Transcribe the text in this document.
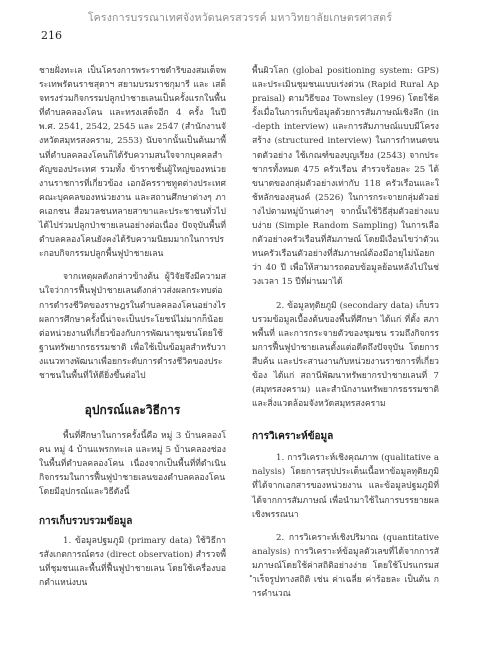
โครงการบรรณาเทศจังหวัดนครสวรรค์ มหาวิทยาลัยเกษตรศาสตร์
216

ชายฝั่งทะเล เป็นโครงการพระราชดำริของสมเด็จพระเทพรัตนราชสุดาฯ สยามบรมราชกุมารี และ เสด็จทรงร่วมกิจกรรมปลูกป่าชายเลนเป็นครั้งแรกในพื้นที่ตำบลคลองโคน และทรงเสด็จอีก 4 ครั้ง ในปี พ.ศ. 2541, 2542, 2545 และ 2547 (สำนักงานจังหวัดสมุทรสงคราม, 2553) นับจากนั้นเป็นต้นมาพื้นที่ตำบลคลองโคนก็ได้รับความสนใจจากบุคคลสำคัญของประเทศ รวมทั้ง ข้าราชชั้นผู้ใหญ่ของหน่วยงานราชการที่เกี่ยวข้อง เอกอัครราชทูตต่างประเทศ คณะบุคคลของหน่วยงาน และสถานศึกษาต่างๆ ภาคเอกชน สื่อมวลชนหลายสาขาและประชาชนทั่วไป ได้ไปร่วมปลูกป่าชายเลนอย่างต่อเนื่อง ปัจจุบันพื้นที่ตำบลคลองโคนยังคงได้รับความนิยมมากในการประกอบกิจกรรมปลูกพื้นฟูป่าชายเลน

จากเหตุผลดังกล่าวข้างต้น ผู้วิจัยจึงมีความสนใจว่าการฟื้นฟูป่าชายเลนดังกล่าวส่งผลกระทบต่อการดำรงชีวิตของราษฎรในตำบลคลองโคนอย่างไร ผลการศึกษาครั้งนี้น่าจะเป็นประโยชน์ไม่มากก็น้อยต่อหน่วยงานที่เกี่ยวข้องกับการพัฒนาชุมชนโดยใช้ฐานทรัพยากรธรรมชาติ เพื่อใช้เป็นข้อมูลสำหรับวางแนวทางพัฒนาเพื่อยกระดับการดำรงชีวิตของประชาชนในพื้นที่ให้ดียิ่งขึ้นต่อไป

อุปกรณ์และวิธีการ

พื้นที่ศึกษาในการครั้งนี้คือ หมู่ 3 บ้านคลองโคน หมู่ 4 บ้านแพรกทะเล และหมู่ 5 บ้านคลองช่อง ในพื้นที่ตำบลคลองโคน เนื่องจากเป็นพื้นที่ที่ดำเนินกิจกรรมในการฟื้นฟูป่าชายเลนของตำบลคลองโคน โดยมีอุปกรณ์และวิธีดังนี้

การเก็บรวบรวมข้อมูล

1. ข้อมูลปฐมภูมิ (primary data) ใช้วิธีการสังเกตการณ์ตรง (direct observation) สำรวจพื้นที่ชุมชนและพื้นที่ฟื้นฟูป่าชายเลน โดยใช้เครื่องบอกตำแหน่งบน

พื้นผิวโลก (global positioning system: GPS) และประเมินชุมชนแบบเร่งด่วน (Rapid Rural Appraisal) ตามวิธีของ Townsley (1996) โดยใช้ครั้งเมื่อในการเก็บข้อมูลด้วยการสัมภาษณ์เชิงลึก (in-depth interview) และการสัมภาษณ์แบบมีโครงสร้าง (structured interview) ในการกำหนดขนาดตัวอย่าง ใช้เกณฑ์ของบุญเรียง (2543) จากประชากรทั้งหมด 475 ครัวเรือน สำรวจร้อยละ 25 ได้ขนาดของกลุ่มตัวอย่างเท่ากับ 118 ครัวเรือนและใช้หลักของสุนงค์ (2526) ในการกระจายกลุ่มตัวอย่างไปตามหมู่บ้านต่างๆ จากนั้นใช้วิธีสุ่มตัวอย่างแบบง่าย (Simple Random Sampling) ในการเลือกตัวอย่างครัวเรือนที่สัมภาษณ์ โดยมีเงื่อนไขว่าตัวแทนครัวเรือนตัวอย่างที่สัมภาษณ์ต้องมีอายุไม่น้อยกว่า 40 ปี เพื่อให้สามารถตอบข้อมูลย้อนหลังไปในช่วงเวลา 15 ปีที่ผ่านมาได้

2. ข้อมูลทุติยภูมิ (secondary data) เก็บรวบรวมข้อมูลเบื้องต้นของพื้นที่ศึกษา ได้แก่ ที่ตั้ง สภาพพื้นที่ และการกระจายตัวของชุมชน รวมถึงกิจกรรมการฟื้นฟูป่าชายเลนตั้งแต่อดีตถึงปัจจุบัน โดยการสืบค้น และประสานงานกับหน่วยงานราชการที่เกี่ยวข้อง ได้แก่ สถานีพัฒนาทรัพยากรป่าชายเลนที่ 7 (สมุทรสงคราม) และสำนักงานทรัพยากรธรรมชาติและสิ่งแวดล้อมจังหวัดสมุทรสงคราม

การวิเคราะห์ข้อมูล

1. การวิเคราะห์เชิงคุณภาพ (qualitative analysis) โดยการสรุปประเด็นเนื้อหาข้อมูลทุติยภูมิที่ได้จากเอกสารของหน่วยงาน และข้อมูลปฐมภูมิที่ได้จากการสัมภาษณ์ เพื่อนำมาใช้ในการบรรยายผลเชิงพรรณนา

2. การวิเคราะห์เชิงปริมาณ (quantitative analysis) การวิเคราะห์ข้อมูลตัวเลขที่ได้จากการสัมภาษณ์โดยใช้ค่าสถิติอย่างง่าย โดยใช้โปรแกรมสำเร็จรูปทางสถิติ เช่น ค่าเฉลี่ย ค่าร้อยละ เป็นต้น การคำนวณ
